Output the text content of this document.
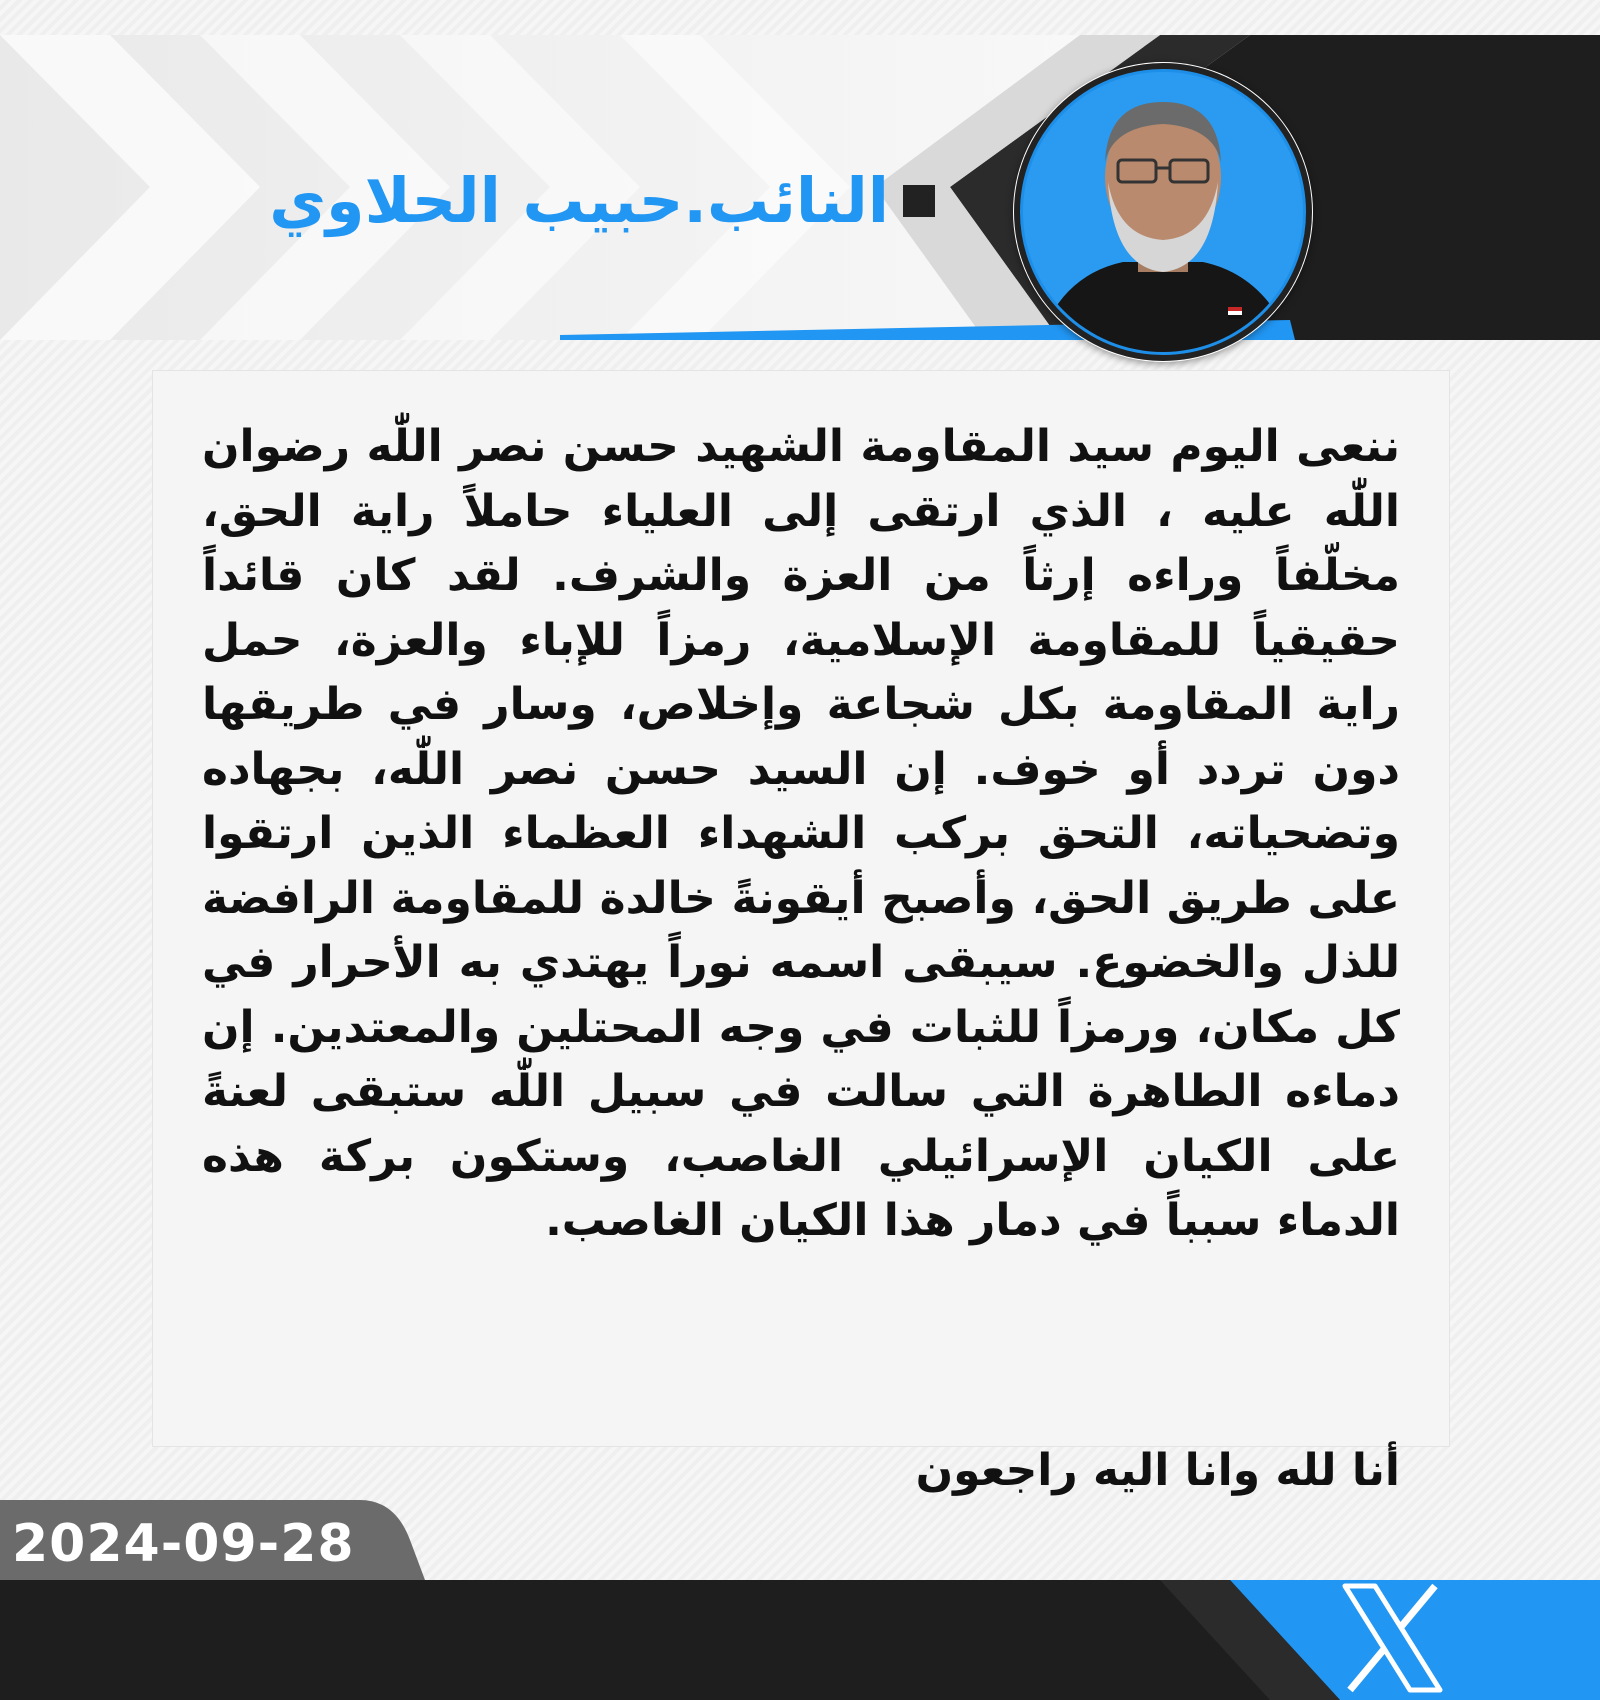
النائب.حبيب الحلاوي
ننعى اليوم سيد المقاومة الشهيد حسن نصر اللّٰه رضوان اللّٰه عليه ، الذي ارتقى إلى العلياء حاملاً راية الحق، مخلّفاً وراءه إرثاً من العزة والشرف. لقد كان قائداً حقيقياً للمقاومة الإسلامية، رمزاً للإباء والعزة، حمل راية المقاومة بكل شجاعة وإخلاص، وسار في طريقها دون تردد أو خوف. إن السيد حسن نصر اللّٰه، بجهاده وتضحياته، التحق بركب الشهداء العظماء الذين ارتقوا على طريق الحق، وأصبح أيقونةً خالدة للمقاومة الرافضة للذل والخضوع. سيبقى اسمه نوراً يهتدي به الأحرار في كل مكان، ورمزاً للثبات في وجه المحتلين والمعتدين. إن دماءه الطاهرة التي سالت في سبيل اللّٰه ستبقى لعنةً على الكيان الإسرائيلي الغاصب، وستكون بركة هذه الدماء سبباً في دمار هذا الكيان الغاصب.
أنا لله وانا اليه راجعون
2024-09-28
